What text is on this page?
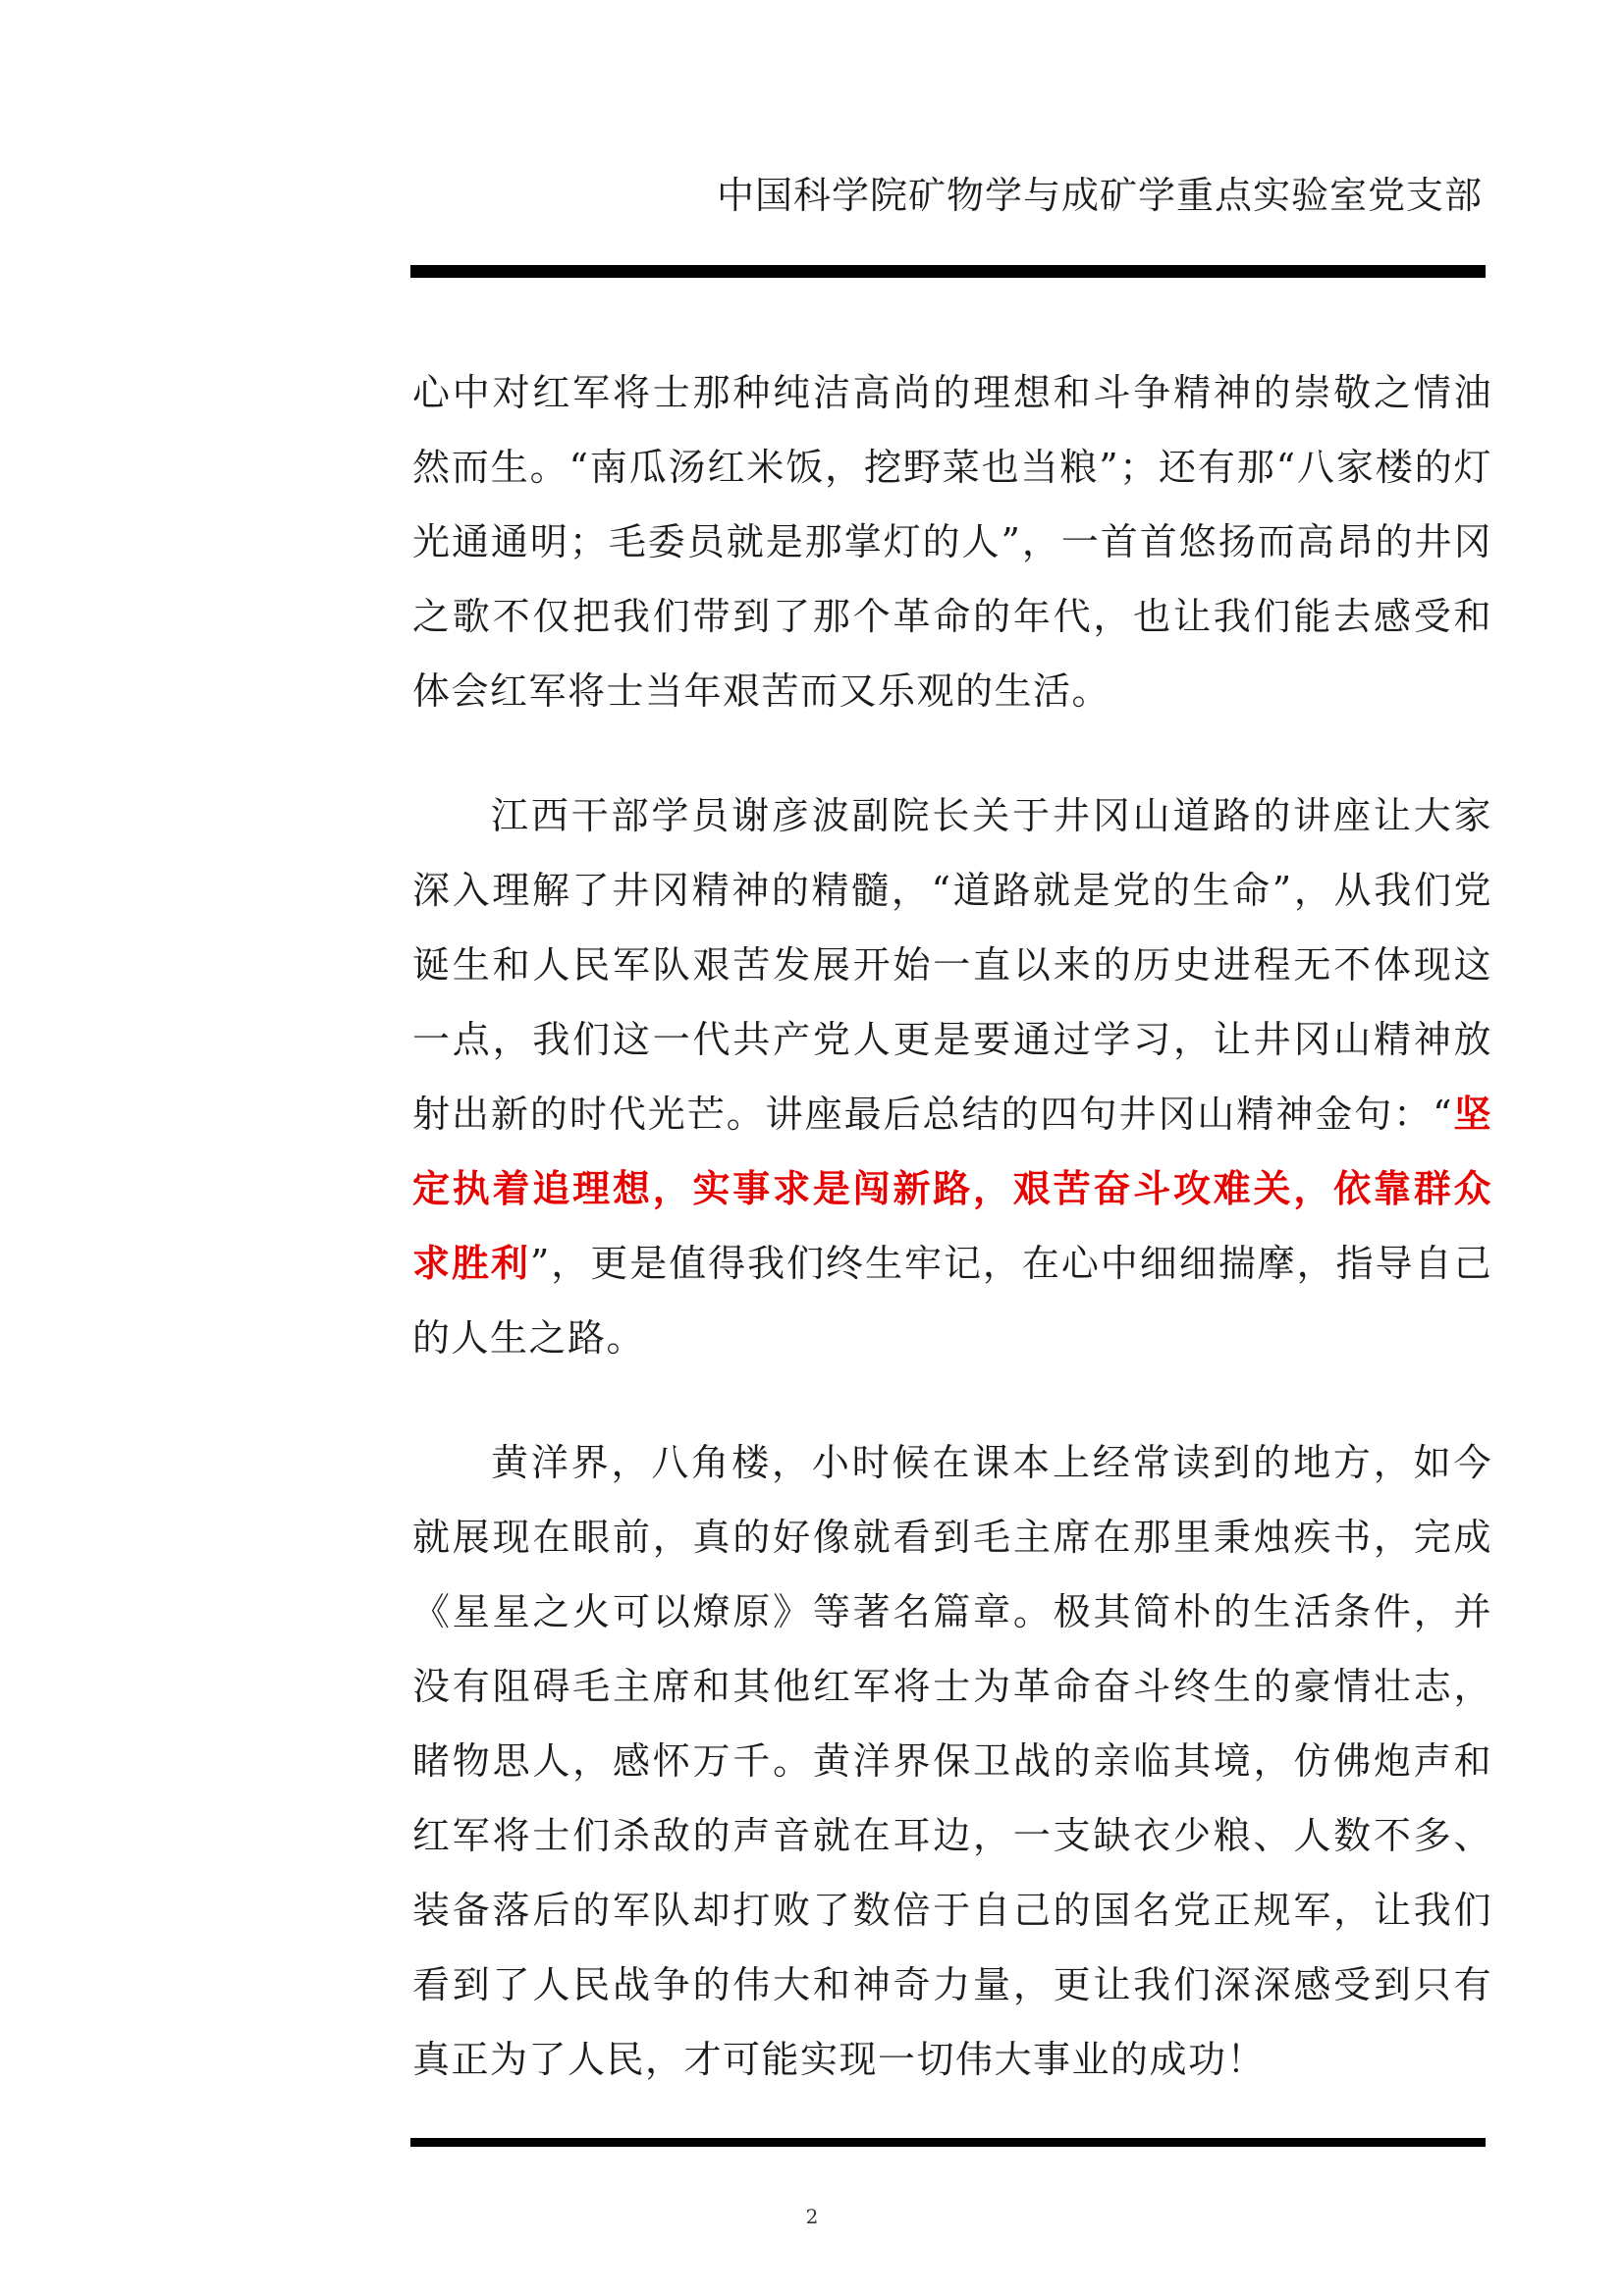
中国科学院矿物学与成矿学重点实验室党支部

心中对红军将士那种纯洁高尚的理想和斗争精神的崇敬之情油然而生。“南瓜汤红米饭，挖野菜也当粮”；还有那“八家楼的灯光通通明；毛委员就是那掌灯的人”，一首首悠扬而高昂的井冈之歌不仅把我们带到了那个革命的年代，也让我们能去感受和体会红军将士当年艰苦而又乐观的生活。

江西干部学员谢彦波副院长关于井冈山道路的讲座让大家深入理解了井冈精神的精髓，“道路就是党的生命”，从我们党诞生和人民军队艰苦发展开始一直以来的历史进程无不体现这一点，我们这一代共产党人更是要通过学习，让井冈山精神放射出新的时代光芒。讲座最后总结的四句井冈山精神金句：“坚定执着追理想，实事求是闯新路，艰苦奋斗攻难关，依靠群众求胜利”，更是值得我们终生牢记，在心中细细揣摩，指导自己的人生之路。

黄洋界，八角楼，小时候在课本上经常读到的地方，如今就展现在眼前，真的好像就看到毛主席在那里秉烛疾书，完成《星星之火可以燎原》等著名篇章。极其简朴的生活条件，并没有阻碍毛主席和其他红军将士为革命奋斗终生的豪情壮志，睹物思人，感怀万千。黄洋界保卫战的亲临其境，仿佛炮声和红军将士们杀敌的声音就在耳边，一支缺衣少粮、人数不多、装备落后的军队却打败了数倍于自己的国名党正规军，让我们看到了人民战争的伟大和神奇力量，更让我们深深感受到只有真正为了人民，才可能实现一切伟大事业的成功！

2
